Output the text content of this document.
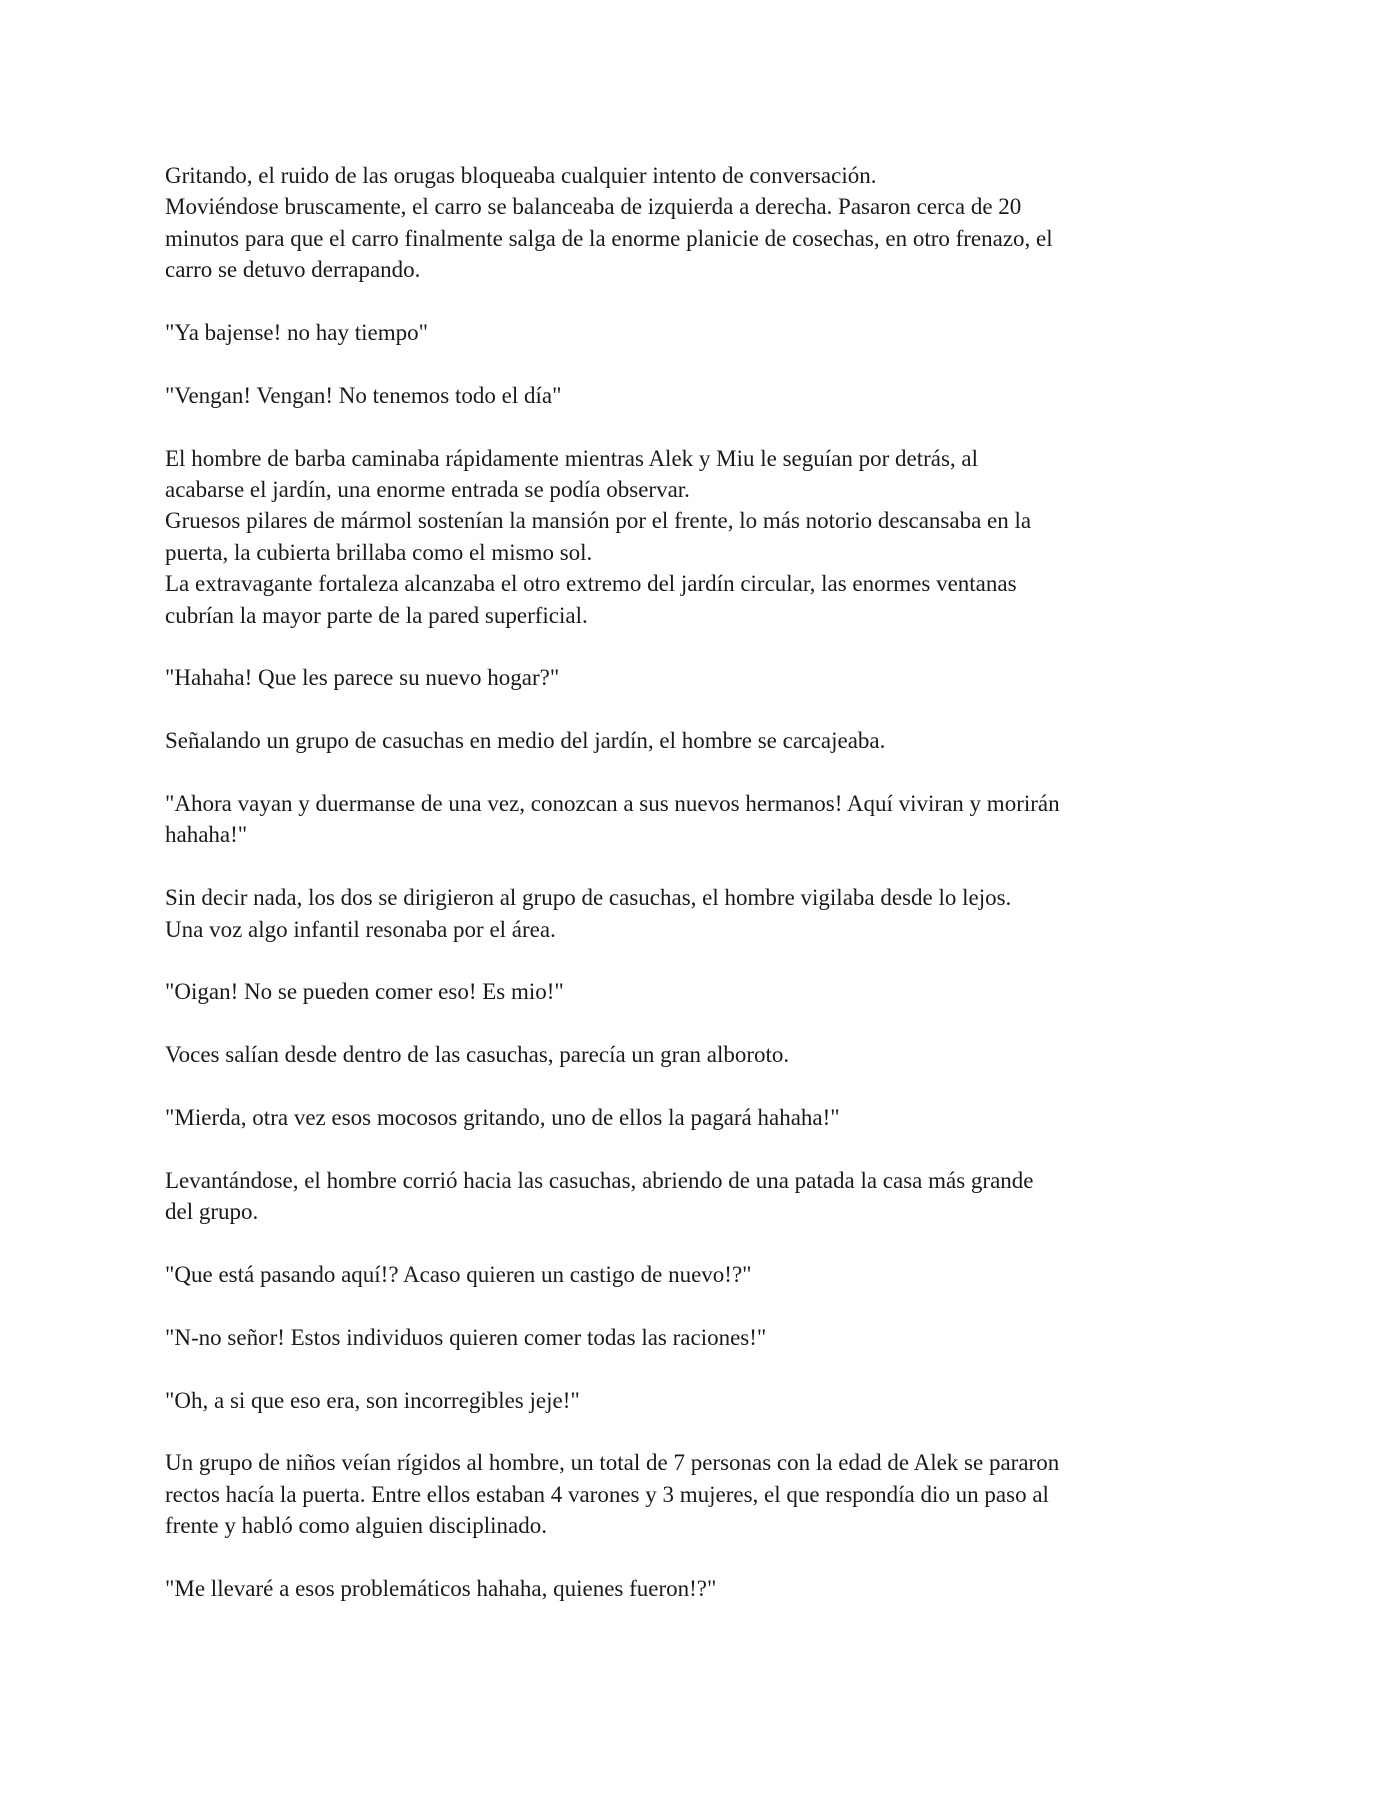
Gritando, el ruido de las orugas bloqueaba cualquier intento de conversación.
Moviéndose bruscamente, el carro se balanceaba de izquierda a derecha. Pasaron cerca de 20
minutos para que el carro finalmente salga de la enorme planicie de cosechas, en otro frenazo, el
carro se detuvo derrapando.
"Ya bajense! no hay tiempo"
"Vengan! Vengan! No tenemos todo el día"
El hombre de barba caminaba rápidamente mientras Alek y Miu le seguían por detrás, al
acabarse el jardín, una enorme entrada se podía observar.
Gruesos pilares de mármol sostenían la mansión por el frente, lo más notorio descansaba en la
puerta, la cubierta brillaba como el mismo sol.
La extravagante fortaleza alcanzaba el otro extremo del jardín circular, las enormes ventanas
cubrían la mayor parte de la pared superficial.
"Hahaha! Que les parece su nuevo hogar?"
Señalando un grupo de casuchas en medio del jardín, el hombre se carcajeaba.
"Ahora vayan y duermanse de una vez, conozcan a sus nuevos hermanos! Aquí viviran y morirán
hahaha!"
Sin decir nada, los dos se dirigieron al grupo de casuchas, el hombre vigilaba desde lo lejos.
Una voz algo infantil resonaba por el área.
"Oigan! No se pueden comer eso! Es mio!"
Voces salían desde dentro de las casuchas, parecía un gran alboroto.
"Mierda, otra vez esos mocosos gritando, uno de ellos la pagará hahaha!"
Levantándose, el hombre corrió hacia las casuchas, abriendo de una patada la casa más grande
del grupo.
"Que está pasando aquí!? Acaso quieren un castigo de nuevo!?"
"N-no señor! Estos individuos quieren comer todas las raciones!"
"Oh, a si que eso era, son incorregibles jeje!"
Un grupo de niños veían rígidos al hombre, un total de 7 personas con la edad de Alek se pararon
rectos hacía la puerta. Entre ellos estaban 4 varones y 3 mujeres, el que respondía dio un paso al
frente y habló como alguien disciplinado.
"Me llevaré a esos problemáticos hahaha, quienes fueron!?"
